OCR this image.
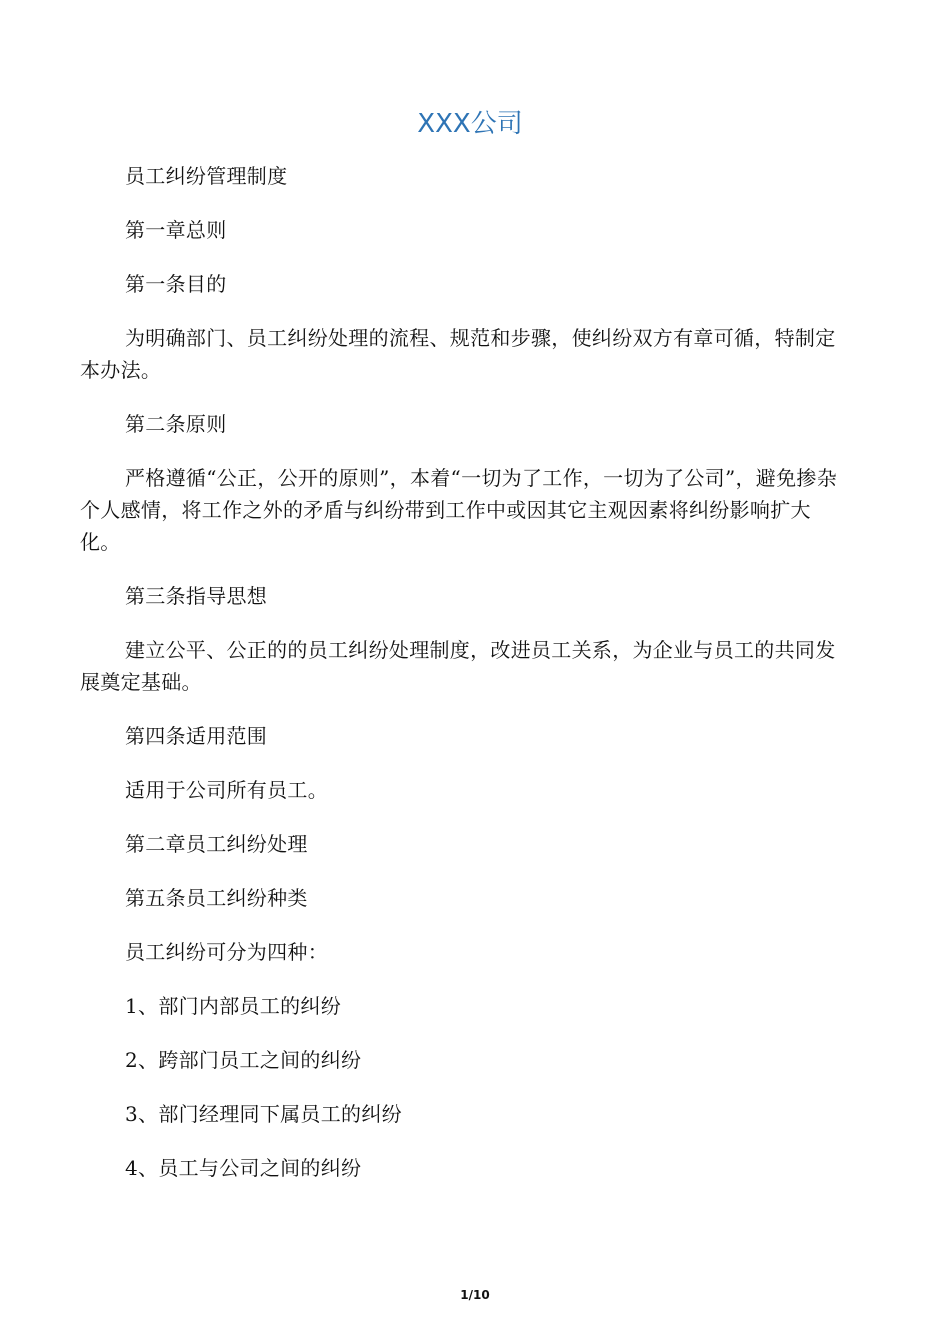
XXX公司

员工纠纷管理制度

第一章总则

第一条目的

为明确部门、员工纠纷处理的流程、规范和步骤，使纠纷双方有章可循，特制定本办法。

第二条原则

严格遵循“公正，公开的原则”，本着“一切为了工作，一切为了公司”，避免掺杂个人感情，将工作之外的矛盾与纠纷带到工作中或因其它主观因素将纠纷影响扩大化。

第三条指导思想

建立公平、公正的的员工纠纷处理制度，改进员工关系，为企业与员工的共同发展奠定基础。

第四条适用范围

适用于公司所有员工。

第二章员工纠纷处理

第五条员工纠纷种类

员工纠纷可分为四种：

1、部门内部员工的纠纷

2、跨部门员工之间的纠纷

3、部门经理同下属员工的纠纷

4、员工与公司之间的纠纷

1/10
